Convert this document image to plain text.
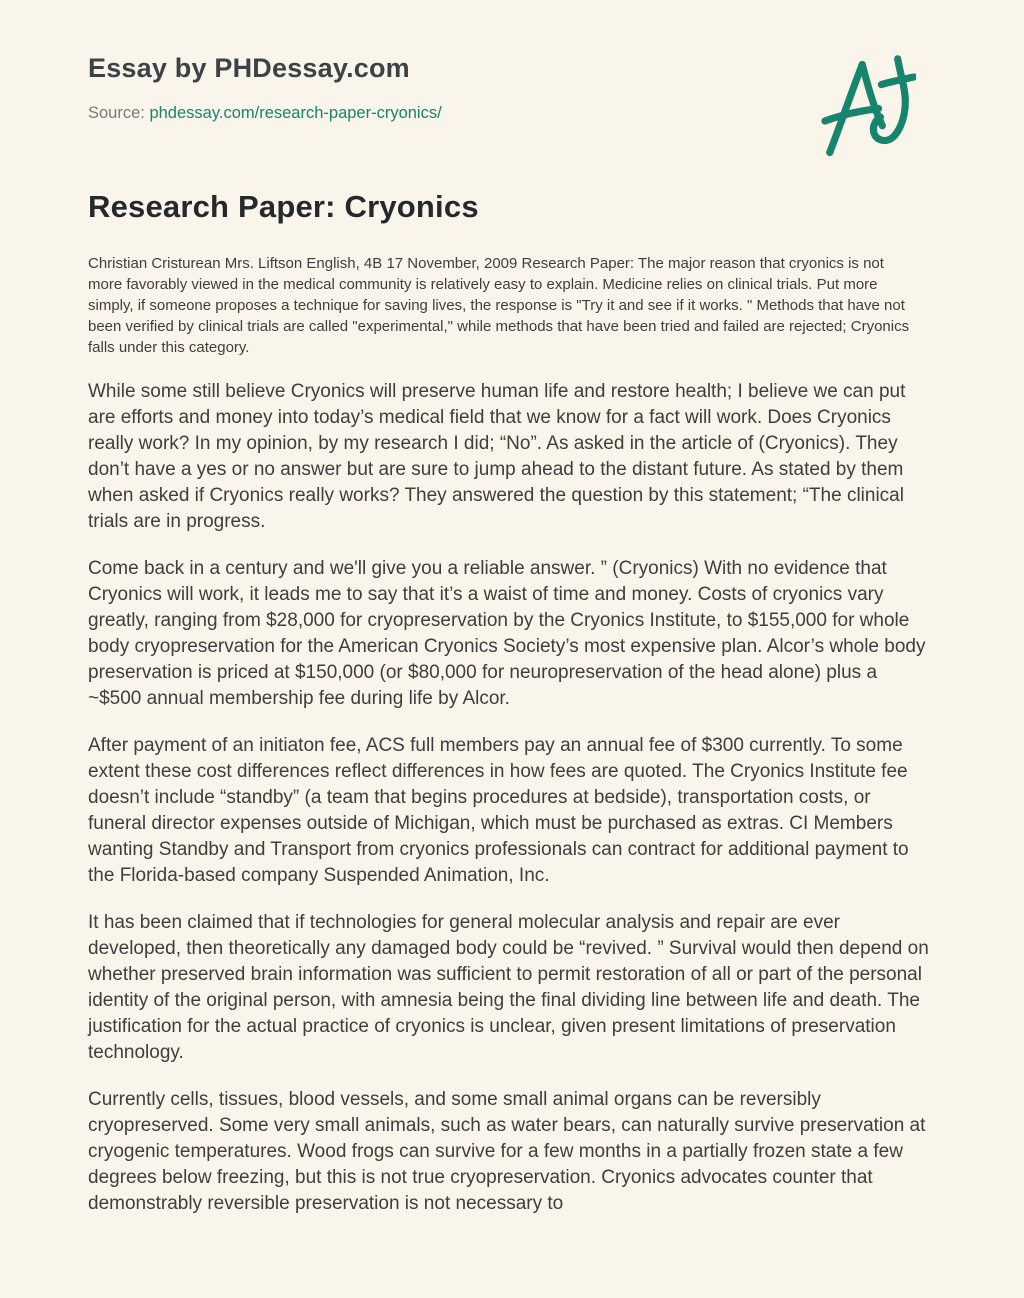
Essay by PHDessay.com
Source: phdessay.com/research-paper-cryonics/
Research Paper: Cryonics

Christian Cristurean Mrs. Liftson English, 4B 17 November, 2009 Research Paper: The major reason that cryonics is not more favorably viewed in the medical community is relatively easy to explain. Medicine relies on clinical trials. Put more simply, if someone proposes a technique for saving lives, the response is "Try it and see if it works. " Methods that have not been verified by clinical trials are called "experimental," while methods that have been tried and failed are rejected; Cryonics falls under this category.

While some still believe Cryonics will preserve human life and restore health; I believe we can put are efforts and money into today’s medical field that we know for a fact will work. Does Cryonics really work? In my opinion, by my research I did; “No”. As asked in the article of (Cryonics). They don’t have a yes or no answer but are sure to jump ahead to the distant future. As stated by them when asked if Cryonics really works? They answered the question by this statement; “The clinical trials are in progress.

Come back in a century and we'll give you a reliable answer. ” (Cryonics) With no evidence that Cryonics will work, it leads me to say that it’s a waist of time and money. Costs of cryonics vary greatly, ranging from $28,000 for cryopreservation by the Cryonics Institute, to $155,000 for whole body cryopreservation for the American Cryonics Society’s most expensive plan. Alcor’s whole body preservation is priced at $150,000 (or $80,000 for neuropreservation of the head alone) plus a ~$500 annual membership fee during life by Alcor.

After payment of an initiaton fee, ACS full members pay an annual fee of $300 currently. To some extent these cost differences reflect differences in how fees are quoted. The Cryonics Institute fee doesn’t include “standby” (a team that begins procedures at bedside), transportation costs, or funeral director expenses outside of Michigan, which must be purchased as extras. CI Members wanting Standby and Transport from cryonics professionals can contract for additional payment to the Florida-based company Suspended Animation, Inc.

It has been claimed that if technologies for general molecular analysis and repair are ever developed, then theoretically any damaged body could be “revived. ” Survival would then depend on whether preserved brain information was sufficient to permit restoration of all or part of the personal identity of the original person, with amnesia being the final dividing line between life and death. The justification for the actual practice of cryonics is unclear, given present limitations of preservation technology.

Currently cells, tissues, blood vessels, and some small animal organs can be reversibly cryopreserved. Some very small animals, such as water bears, can naturally survive preservation at cryogenic temperatures. Wood frogs can survive for a few months in a partially frozen state a few degrees below freezing, but this is not true cryopreservation. Cryonics advocates counter that demonstrably reversible preservation is not necessary to
